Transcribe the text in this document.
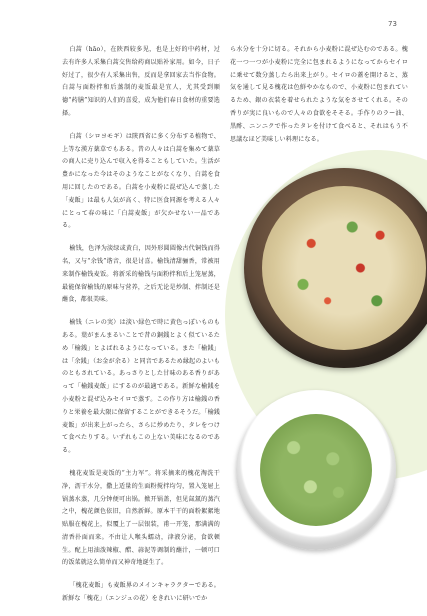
73

白蒿（hāo），在陕西较多见，也是上好的中药材，过去有许多人采集白蒿交售给药商以贴补家用。如今，日子好过了，很少有人采集出售，反而是拿回家去当作食物。白蒿与面粉拌和后蒸制的麦饭最是宜人，尤其受到顺德“药膳”知识的人们的喜爱，成为他们春日食材的重要选择。

白蒿（シロヨモギ）は陝西省に多く分布する植物で、上等な漢方薬草でもある。昔の人々は白蒿を集めて薬草の商人に売り込んで収入を得ることもしていた。生活が豊かになった今はそのようなことがなくなり、白蒿を食用に回したのである。白蒿を小麦粉に混ぜ込んで蒸した「麦飯」は最も人気が高く、特に医食同源を考える人々にとって春の味に「白蒿麦飯」が欠かせない一品である。

榆钱，色泽为淡绿或黄白，因外形圆圆像古代铜钱而得名，又与“余钱”谐音，很是讨喜。榆钱清甜骊香，常被用来制作榆钱麦饭。将新采的榆钱与面粉拌和后上笼屉蒸，最能保留榆钱的原味与营养，之后无论是炒制、拌制还是蘸食，都很美味。

榆钱（ニレの実）は淡い緑色で時に黄色っぽいものもある。葉がまんまるいことで昔の銅銭とよく似ているため「榆銭」とよばれるようになっている。また「榆銭」は「余銭」（お金が余る）と同音であるため縁起のよいものともされている。あっさりとした甘味のある香りがあって「榆銭麦飯」にするのが最適である。新鮮な榆銭を小麦粉と混ぜ込みセイロで蒸す。この作り方は榆銭の香りと栄養を最大限に保留することができるそうだ。「榆銭麦飯」が出来上がったら、さらに炒めたり、タレをつけて食べたりする。いずれもこの上ない美味になるのである。

槐花麦饭是麦饭的“主力军”。将采摘来的槐花淘洗干净，沥干水分，撒上适量的生面粉搅拌均匀，置入笼屉上锅蒸水蒸，几分钟便可出锅。掀开锅盖，但见氤氲的蒸汽之中，槐花颜色依旧，自然新鲜。原本干干的面粉絮絮地贴服在槐花上，似覆上了一层银装，甫一开笼，那满满的清香扑面而来。不由让人喉头蠕动，津液分泌，食欲顿生。配上用油泼辣椒、醋、蒜泥等调制的蘸汁，一顿可口的饭菜就这么简单而又神奇地诞生了。

「槐花麦飯」も麦飯界のメインキャラクターである。新鮮な「槐花」（エンジュの花）をきれいに研いでか

ら水分を十分に切る。それから小麦粉に混ぜ込むのである。槐花一つ一つが小麦粉に完全に包まれるようになってからセイロに乗せて数分蒸したら出来上がり。セイロの蓋を開けると、蒸気を通して見る槐花は色鮮やかなもので、小麦粉に包まれているため、銀の衣装を着せられたような気をさせてくれる。その香りが実に良いもので人々の食欲をそそる。手作りのラー油、黒酢、ニンニクで作ったタレを付けて食べると、それはもう不思議なほど美味しい料理になる。
